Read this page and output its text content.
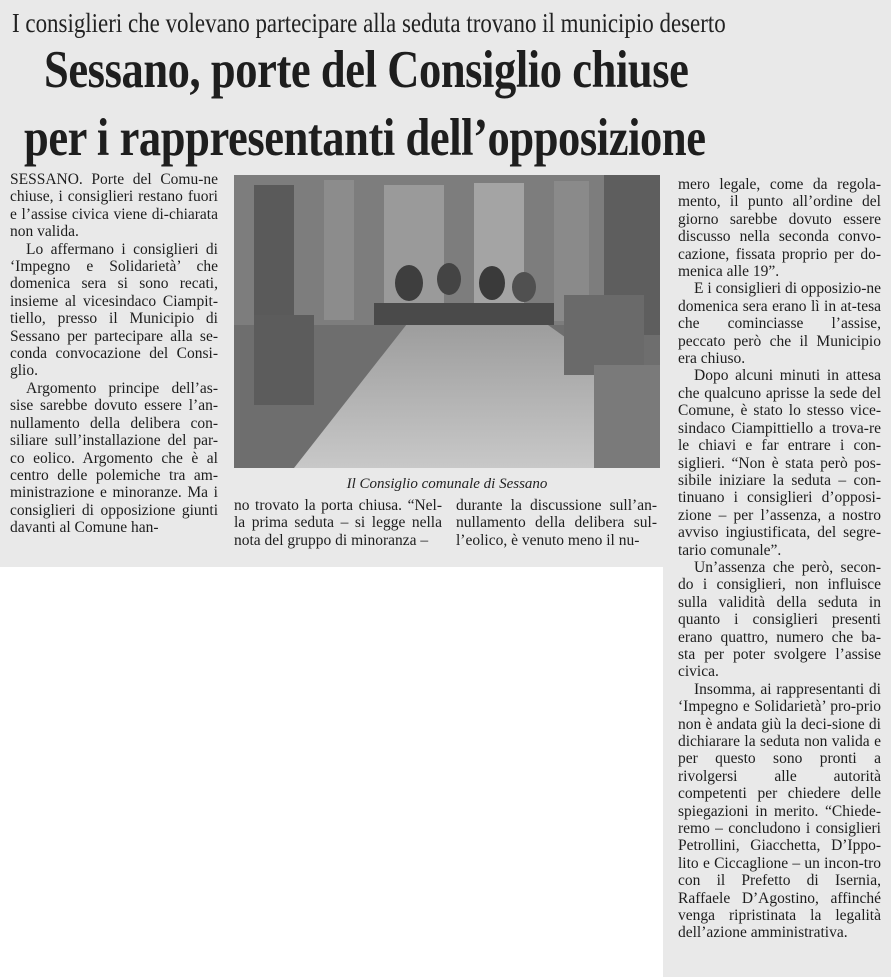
I consiglieri che volevano partecipare alla seduta trovano il municipio deserto
Sessano, porte del Consiglio chiuse
per i rappresentanti dell’opposizione

SESSANO. Porte del Comu-ne chiuse, i consiglieri restano fuori e l’assise civica viene di-chiarata non valida.

Lo affermano i consiglieri di ‘Impegno e Solidarietà’ che domenica sera si sono recati, insieme al vicesindaco Ciampit-tiello, presso il Municipio di Sessano per partecipare alla se-conda convocazione del Consi-glio.

Argomento principe dell’as-sise sarebbe dovuto essere l’an-nullamento della delibera con-siliare sull’installazione del par-co eolico. Argomento che è al centro delle polemiche tra am-ministrazione e minoranze. Ma i consiglieri di opposizione giunti davanti al Comune han-

Il Consiglio comunale di Sessano

no trovato la porta chiusa. “Nel-la prima seduta – si legge nella nota del gruppo di minoranza –

durante la discussione sull’an-nullamento della delibera sul-l’eolico, è venuto meno il nu-

mero legale, come da regola-mento, il punto all’ordine del giorno sarebbe dovuto essere discusso nella seconda convo-cazione, fissata proprio per do-menica alle 19”.

E i consiglieri di opposizio-ne domenica sera erano lì in at-tesa che cominciasse l’assise, peccato però che il Municipio era chiuso.

Dopo alcuni minuti in attesa che qualcuno aprisse la sede del Comune, è stato lo stesso vice-sindaco Ciampittiello a trova-re le chiavi e far entrare i con-siglieri. “Non è stata però pos-sibile iniziare la seduta – con-tinuano i consiglieri d’opposi-zione – per l’assenza, a nostro avviso ingiustificata, del segre-tario comunale”.

Un’assenza che però, secon-do i consiglieri, non influisce sulla validità della seduta in quanto i consiglieri presenti erano quattro, numero che ba-sta per poter svolgere l’assise civica.

Insomma, ai rappresentanti di ‘Impegno e Solidarietà’ pro-prio non è andata giù la deci-sione di dichiarare la seduta non valida e per questo sono pronti a rivolgersi alle autorità competenti per chiedere delle spiegazioni in merito. “Chiede-remo – concludono i consiglieri Petrollini, Giacchetta, D’Ippo-lito e Ciccaglione – un incon-tro con il Prefetto di Isernia, Raffaele D’Agostino, affinché venga ripristinata la legalità dell’azione amministrativa.
